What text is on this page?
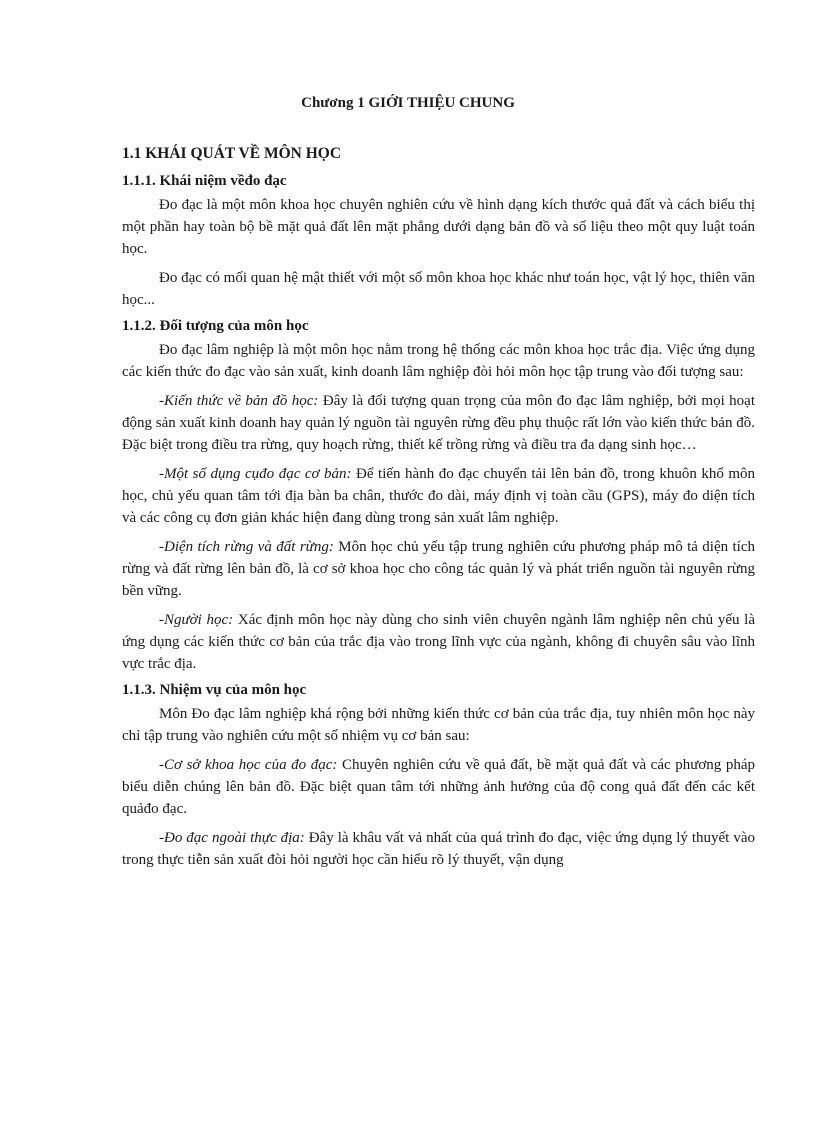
Chương 1 GIỚI THIỆU CHUNG
1.1 KHÁI QUÁT VỀ MÔN HỌC
1.1.1. Khái niệm vềđo đạc

Đo đạc là một môn khoa học chuyên nghiên cứu về hình dạng kích thước quả đất và cách biểu thị một phần hay toàn bộ bề mặt quả đất lên mặt phẳng dưới dạng bản đồ và số liệu theo một quy luật toán học.

Đo đạc có mối quan hệ mật thiết với một số môn khoa học khác như toán học, vật lý học, thiên văn học...

1.1.2. Đối tượng của môn học

Đo đạc lâm nghiệp là một môn học nằm trong hệ thống các môn khoa học trắc địa. Việc ứng dụng các kiến thức đo đạc vào sản xuất, kinh doanh lâm nghiệp đòi hỏi môn học tập trung vào đối tượng sau:

-Kiến thức về bản đồ học: Đây là đối tượng quan trọng của môn đo đạc lâm nghiệp, bởi mọi hoạt động sản xuất kinh doanh hay quản lý nguồn tài nguyên rừng đều phụ thuộc rất lớn vào kiến thức bản đồ. Đặc biệt trong điều tra rừng, quy hoạch rừng, thiết kế trồng rừng và điều tra đa dạng sinh học…

-Một số dụng cụđo đạc cơ bản: Để tiến hành đo đạc chuyển tải lên bản đồ, trong khuôn khổ môn học, chủ yếu quan tâm tới địa bàn ba chân, thước đo dài, máy định vị toàn cầu (GPS), máy đo diện tích và các công cụ đơn giản khác hiện đang dùng trong sản xuất lâm nghiệp.

-Diện tích rừng và đất rừng: Môn học chủ yếu tập trung nghiên cứu phương pháp mô tả diện tích rừng và đất rừng lên bản đồ, là cơ sở khoa học cho công tác quản lý và phát triển nguồn tài nguyên rừng bền vững.

-Người học: Xác định môn học này dùng cho sinh viên chuyên ngành lâm nghiệp nên chủ yếu là ứng dụng các kiến thức cơ bản của trắc địa vào trong lĩnh vực của ngành, không đi chuyên sâu vào lĩnh vực trắc địa.

1.1.3. Nhiệm vụ của môn học

Môn Đo đạc lâm nghiệp khá rộng bởi những kiến thức cơ bản của trắc địa, tuy nhiên môn học này chỉ tập trung vào nghiên cứu một số nhiệm vụ cơ bản sau:

-Cơ sở khoa học của đo đạc: Chuyên nghiên cứu về quả đất, bề mặt quả đất và các phương pháp biểu diễn chúng lên bản đồ. Đặc biệt quan tâm tới những ảnh hưởng của độ cong quả đất đến các kết quảđo đạc.

-Đo đạc ngoài thực địa: Đây là khâu vất vả nhất của quá trình đo đạc, việc ứng dụng lý thuyết vào trong thực tiễn sản xuất đòi hỏi người học cần hiểu rõ lý thuyết, vận dụng
